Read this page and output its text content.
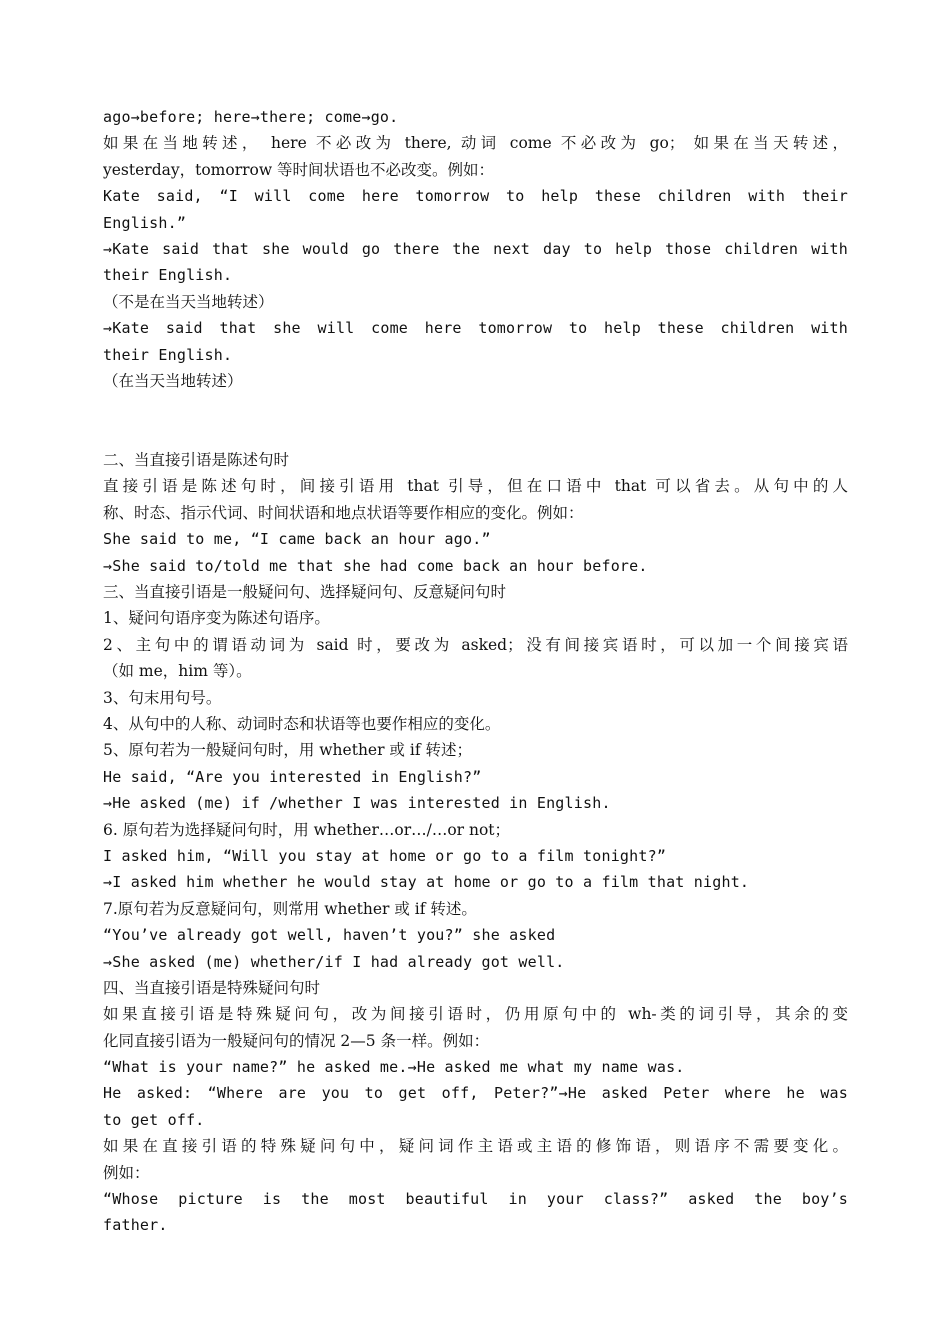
ago→before; here→there; come→go.
如果在当地转述， here 不必改为 there, 动词 come 不必改为 go； 如果在当天转述，
yesterday，tomorrow 等时间状语也不必改变。例如：
Kate said, “I will come here tomorrow to help these children with their
English.”
→Kate said that she would go there the next day to help those children with
their English.
（不是在当天当地转述）
→Kate said that she will come here tomorrow to help these children with
their English.
（在当天当地转述）
二、当直接引语是陈述句时
直接引语是陈述句时，间接引语用 that 引导，但在口语中 that 可以省去。从句中的人
称、时态、指示代词、时间状语和地点状语等要作相应的变化。例如：
She said to me, “I came back an hour ago.”
→She said to/told me that she had come back an hour before.
三、当直接引语是一般疑问句、选择疑问句、反意疑问句时
1、疑问句语序变为陈述句语序。
2、主句中的谓语动词为 said 时，要改为 asked；没有间接宾语时，可以加一个间接宾语
（如 me，him 等）。
3、句末用句号。
4、从句中的人称、动词时态和状语等也要作相应的变化。
5、原句若为一般疑问句时，用 whether 或 if 转述；
He said, “Are you interested in English?”
→He asked (me) if /whether I was interested in English.
6. 原句若为选择疑问句时，用 whether…or…/…or not；
I asked him, “Will you stay at home or go to a film tonight?”
→I asked him whether he would stay at home or go to a film that night.
7.原句若为反意疑问句，则常用 whether 或 if 转述。
“You’ve already got well, haven’t you?” she asked
→She asked (me) whether/if I had already got well.
四、当直接引语是特殊疑问句时
如果直接引语是特殊疑问句，改为间接引语时，仍用原句中的 wh-类的词引导，其余的变
化同直接引语为一般疑问句的情况 2—5 条一样。例如：
“What is your name?” he asked me.→He asked me what my name was.
He asked: “Where are you to get off, Peter?”→He asked Peter where he was
to get off.
如果在直接引语的特殊疑问句中，疑问词作主语或主语的修饰语，则语序不需要变化。
例如：
“Whose picture is the most beautiful in your class?” asked the boy’s
father.
